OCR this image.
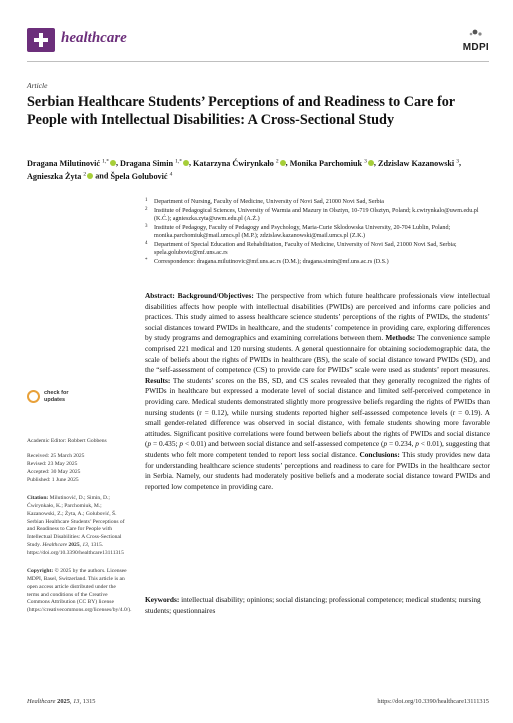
healthcare
MDPI
Article
Serbian Healthcare Students’ Perceptions of and Readiness to Care for People with Intellectual Disabilities: A Cross-Sectional Study
Dragana Milutinović $^{1,*}$ , Dragana Simin $^{1,*}$ , Katarzyna Ćwirynkało $^2$ , Monika Parchomiuk $^3$ , Zdzislaw Kazanowski $^3$, Agnieszka Żyta $^2$ and Špela Golubović $^4$
1 Department of Nursing, Faculty of Medicine, University of Novi Sad, 21000 Novi Sad, Serbia
2 Institute of Pedagogical Sciences, University of Warmia and Mazury in Olsztyn, 10-719 Olsztyn, Poland; k.cwirynkalo@uwm.edu.pl (K.Ć.); agnieszka.zyta@uwm.edu.pl (A.Ż.)
3 Institute of Pedagogy, Faculty of Pedagogy and Psychology, Maria-Curie Sklodowska University, 20-704 Lublin, Poland; monika.parchomiuk@mail.umcs.pl (M.P.); zdzislaw.kazanowski@mail.umcs.pl (Z.K.)
4 Department of Special Education and Rehabilitation, Faculty of Medicine, University of Novi Sad, 21000 Novi Sad, Serbia; spela.golubovic@mf.uns.ac.rs
* Correspondence: dragana.milutinovic@mf.uns.ac.rs (D.M.); dragana.simin@mf.uns.ac.rs (D.S.)
check for
updates
Academic Editor: Robbert Gobbens
Received: 25 March 2025
Revised: 23 May 2025
Accepted: 30 May 2025
Published: 1 June 2025
Citation: Milutinović, D.; Simin, D.; Ćwirynkało, K.; Parchomiuk, M.; Kazanowski, Z.; Żyta, A.; Golubović, Š. Serbian Healthcare Students’ Perceptions of and Readiness to Care for People with Intellectual Disabilities: A Cross-Sectional Study. Healthcare 2025, 13, 1315. https://doi.org/10.3390/healthcare13111315
Copyright: © 2025 by the authors. Licensee MDPI, Basel, Switzerland. This article is an open access article distributed under the terms and conditions of the Creative Commons Attribution (CC BY) license (https://creativecommons.org/licenses/by/4.0/).
Abstract: Background/Objectives: The perspective from which future healthcare professionals view intellectual disabilities affects how people with intellectual disabilities (PWIDs) are perceived and informs care policies and practices. This study aimed to assess healthcare science students’ perceptions of the rights of PWIDs, the students’ social distances toward PWIDs in healthcare, and the students’ competence in providing care, exploring differences by study programs and demographics and examining correlations between them. Methods: The convenience sample comprised 221 medical and 120 nursing students. A general questionnaire for obtaining sociodemographic data, the scale of beliefs about the rights of PWIDs in healthcare (BS), the scale of social distance toward PWIDs (SD), and the “self-assessment of competence (CS) to provide care for PWIDs” scale were used as students’ report measures. Results: The students’ scores on the BS, SD, and CS scales revealed that they generally recognized the rights of PWIDs in healthcare but expressed a moderate level of social distance and limited self-perceived competence in providing care. Medical students demonstrated slightly more progressive beliefs regarding the rights of PWIDs than nursing students (r = 0.12), while nursing students reported higher self-assessed competence levels (r = 0.19). A small gender-related difference was observed in social distance, with female students showing more favorable attitudes. Significant positive correlations were found between beliefs about the rights of PWIDs and social distance (p = 0.435; p < 0.01) and between social distance and self-assessed competence (p = 0.234, p < 0.01), suggesting that students who felt more competent tended to report less social distance. Conclusions: This study provides new data for understanding healthcare science students’ perceptions and readiness to care for PWIDs in the healthcare sector in Serbia. Namely, our students had moderately positive beliefs and a moderate social distance toward PWIDs and reported low competence in providing care.
Keywords: intellectual disability; opinions; social distancing; professional competence; medical students; nursing students; questionnaires
Healthcare 2025, 13, 1315	https://doi.org/10.3390/healthcare13111315
